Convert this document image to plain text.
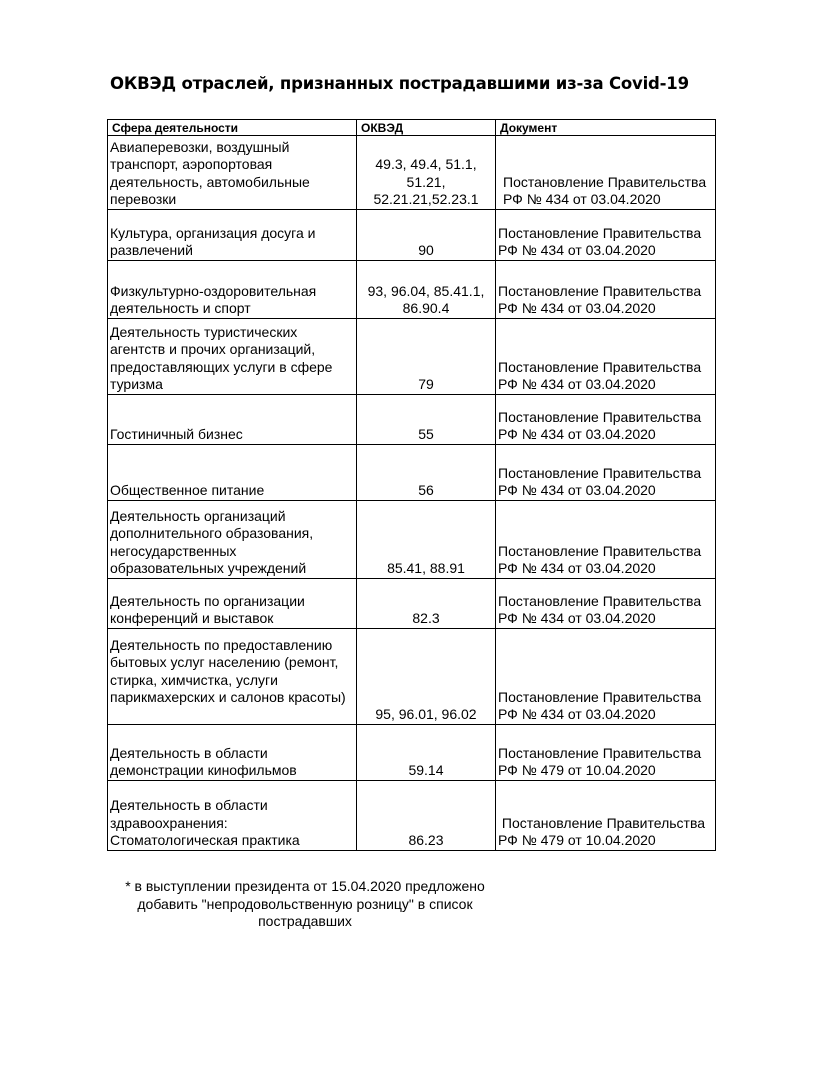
ОКВЭД отраслей, признанных пострадавшими из-за Covid-19
Сфера деятельности	ОКВЭД	Документ
Авиаперевозки, воздушный транспорт, аэропортовая деятельность, автомобильные перевозки	49.3, 49.4, 51.1, 51.21, 52.21.21,52.23.1	Постановление Правительства
РФ № 434 от 03.04.2020

Культура, организация досуга и развлечений	90	Постановление Правительства
РФ № 434 от 03.04.2020

Физкультурно-оздоровительная деятельность и спорт	93, 96.04, 85.41.1, 86.90.4	Постановление Правительства
РФ № 434 от 03.04.2020

Деятельность туристических агентств и прочих организаций, предоставляющих услуги в сфере туризма	79	Постановление Правительства
РФ № 434 от 03.04.2020

Гостиничный бизнес	55	Постановление Правительства
РФ № 434 от 03.04.2020

Общественное питание	56	Постановление Правительства
РФ № 434 от 03.04.2020

Деятельность организаций дополнительного образования, негосударственных образовательных учреждений	85.41, 88.91	Постановление Правительства
РФ № 434 от 03.04.2020

Деятельность по организации конференций и выставок	82.3	Постановление Правительства
РФ № 434 от 03.04.2020

Деятельность по предоставлению бытовых услуг населению (ремонт, стирка, химчистка, услуги парикмахерских и салонов красоты)	95, 96.01, 96.02	Постановление Правительства
РФ № 434 от 03.04.2020

Деятельность в области демонстрации кинофильмов	59.14	Постановление Правительства
РФ № 479 от 10.04.2020

Деятельность в области здравоохранения: Стоматологическая практика	86.23	Постановление Правительства
РФ № 479 от 10.04.2020
* в выступлении президента от 15.04.2020 предложено добавить "непродовольственную розницу" в список пострадавших
